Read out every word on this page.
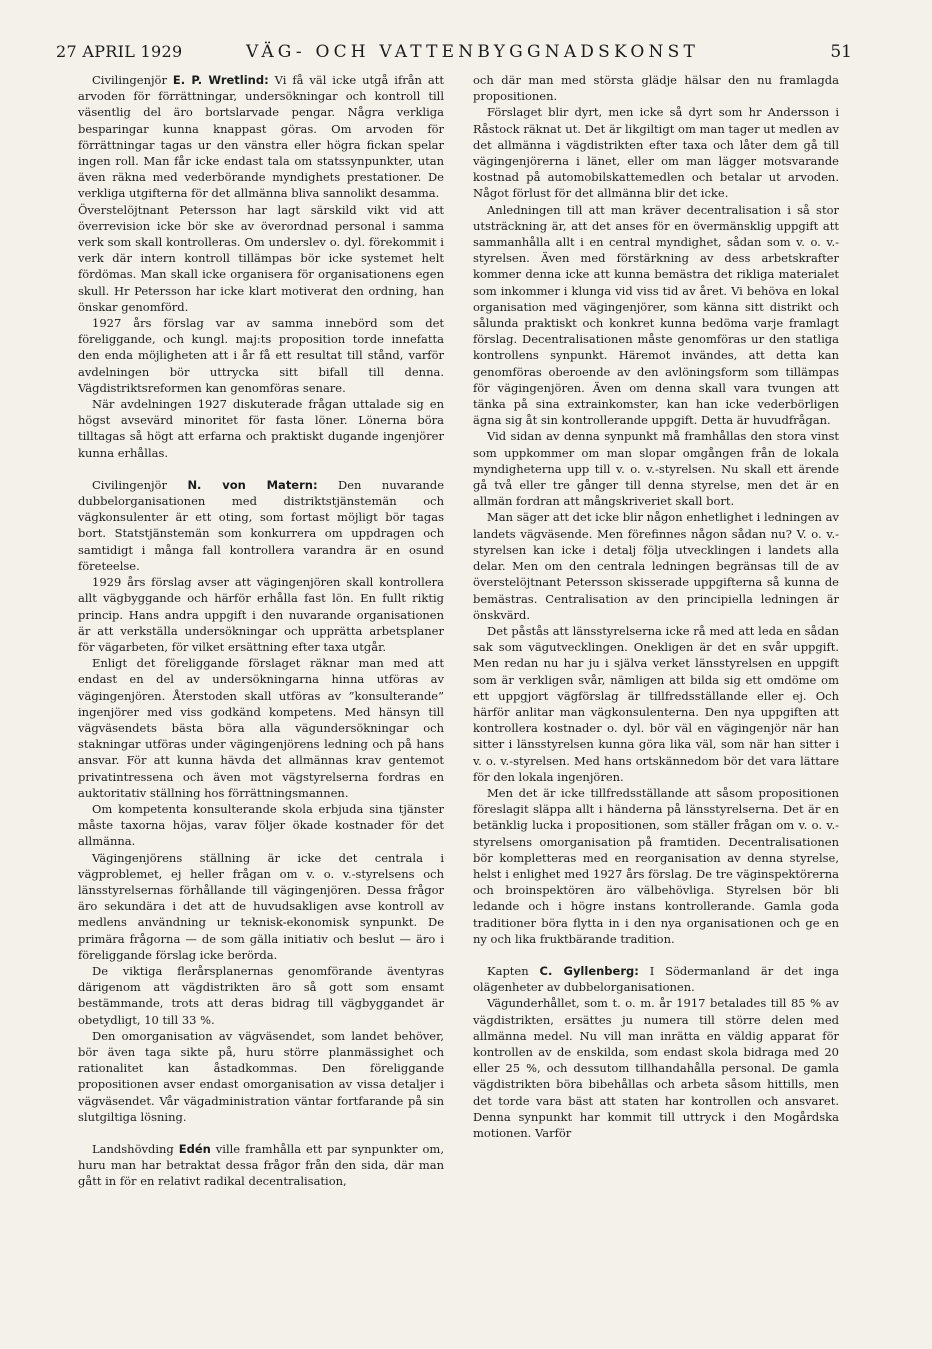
27 APRIL 1929	VÄG- OCH VATTENBYGGNADSKONST	51

Civilingenjör E. P. Wretlind: Vi få väl icke utgå ifrån att arvoden för förrättningar, undersökningar och kontroll till väsentlig del äro bortslarvade pengar. Några verkliga besparingar kunna knappast göras. Om arvoden för förrättningar tagas ur den vänstra eller högra fickan spelar ingen roll. Man får icke endast tala om statssynpunkter, utan även räkna med vederbörande myndighets prestationer. De verkliga utgifterna för det allmänna bliva sannolikt desamma.

Överstelöjtnant Petersson har lagt särskild vikt vid att överrevision icke bör ske av överordnad personal i samma verk som skall kontrolleras. Om underslev o. dyl. förekommit i verk där intern kontroll tillämpas bör icke systemet helt fördömas. Man skall icke organisera för organisationens egen skull. Hr Petersson har icke klart motiverat den ordning, han önskar genomförd.

1927 års förslag var av samma innebörd som det föreliggande, och kungl. maj:ts proposition torde innefatta den enda möjligheten att i år få ett resultat till stånd, varför avdelningen bör uttrycka sitt bifall till denna. Vägdistriktsreformen kan genomföras senare.

När avdelningen 1927 diskuterade frågan uttalade sig en högst avsevärd minoritet för fasta löner. Lönerna böra tilltagas så högt att erfarna och praktiskt dugande ingenjörer kunna erhållas.

Civilingenjör N. von Matern: Den nuvarande dubbelorganisationen med distriktstjänstemän och vägkonsulenter är ett oting, som fortast möjligt bör tagas bort. Statstjänstemän som konkurrera om uppdragen och samtidigt i många fall kontrollera varandra är en osund företeelse.

1929 års förslag avser att vägingenjören skall kontrollera allt vägbyggande och härför erhålla fast lön. En fullt riktig princip. Hans andra uppgift i den nuvarande organisationen är att verkställa undersökningar och upprätta arbetsplaner för vägarbeten, för vilket ersättning efter taxa utgår.

Enligt det föreliggande förslaget räknar man med att endast en del av undersökningarna hinna utföras av vägingenjören. Återstoden skall utföras av ”konsulterande” ingenjörer med viss godkänd kompetens. Med hänsyn till vägväsendets bästa böra alla vägundersökningar och stakningar utföras under vägingenjörens ledning och på hans ansvar. För att kunna hävda det allmännas krav gentemot privatintressena och även mot vägstyrelserna fordras en auktoritativ ställning hos förrättningsmannen.

Om kompetenta konsulterande skola erbjuda sina tjänster måste taxorna höjas, varav följer ökade kostnader för det allmänna.

Vägingenjörens ställning är icke det centrala i vägproblemet, ej heller frågan om v. o. v.-styrelsens och länsstyrelsernas förhållande till vägingenjören. Dessa frågor äro sekundära i det att de huvudsakligen avse kontroll av medlens användning ur teknisk-ekonomisk synpunkt. De primära frågorna — de som gälla initiativ och beslut — äro i föreliggande förslag icke berörda.

De viktiga flerårsplanernas genomförande äventyras därigenom att vägdistrikten äro så gott som ensamt bestämmande, trots att deras bidrag till vägbyggandet är obetydligt, 10 till 33 %.

Den omorganisation av vägväsendet, som landet behöver, bör även taga sikte på, huru större planmässighet och rationalitet kan åstadkommas. Den föreliggande propositionen avser endast omorganisation av vissa detaljer i vägväsendet. Vår vägadministration väntar fortfarande på sin slutgiltiga lösning.

Landshövding Edén ville framhålla ett par synpunkter om, huru man har betraktat dessa frågor från den sida, där man gått in för en relativt radikal decentralisation,

och där man med största glädje hälsar den nu framlagda propositionen.

Förslaget blir dyrt, men icke så dyrt som hr Andersson i Råstock räknat ut. Det är likgiltigt om man tager ut medlen av det allmänna i vägdistrikten efter taxa och låter dem gå till vägingenjörerna i länet, eller om man lägger motsvarande kostnad på automobilskattemedlen och betalar ut arvoden. Något förlust för det allmänna blir det icke.

Anledningen till att man kräver decentralisation i så stor utsträckning är, att det anses för en övermänsklig uppgift att sammanhålla allt i en central myndighet, sådan som v. o. v.-styrelsen. Även med förstärkning av dess arbetskrafter kommer denna icke att kunna bemästra det rikliga materialet som inkommer i klunga vid viss tid av året. Vi behöva en lokal organisation med vägingenjörer, som känna sitt distrikt och sålunda praktiskt och konkret kunna bedöma varje framlagt förslag. Decentralisationen måste genomföras ur den statliga kontrollens synpunkt. Häremot invändes, att detta kan genomföras oberoende av den avlöningsform som tillämpas för vägingenjören. Även om denna skall vara tvungen att tänka på sina extrainkomster, kan han icke vederbörligen ägna sig åt sin kontrollerande uppgift. Detta är huvudfrågan.

Vid sidan av denna synpunkt må framhållas den stora vinst som uppkommer om man slopar omgången från de lokala myndigheterna upp till v. o. v.-styrelsen. Nu skall ett ärende gå två eller tre gånger till denna styrelse, men det är en allmän fordran att mångskriveriet skall bort.

Man säger att det icke blir någon enhetlighet i ledningen av landets vägväsende. Men förefinnes någon sådan nu? V. o. v.-styrelsen kan icke i detalj följa utvecklingen i landets alla delar. Men om den centrala ledningen begränsas till de av överstelöjtnant Petersson skisserade uppgifterna så kunna de bemästras. Centralisation av den principiella ledningen är önskvärd.

Det påstås att länsstyrelserna icke rå med att leda en sådan sak som vägutvecklingen. Onekligen är det en svår uppgift. Men redan nu har ju i själva verket länsstyrelsen en uppgift som är verkligen svår, nämligen att bilda sig ett omdöme om ett uppgjort vägförslag är tillfredsställande eller ej. Och härför anlitar man vägkonsulenterna. Den nya uppgiften att kontrollera kostnader o. dyl. bör väl en vägingenjör när han sitter i länsstyrelsen kunna göra lika väl, som när han sitter i v. o. v.-styrelsen. Med hans ortskännedom bör det vara lättare för den lokala ingenjören.

Men det är icke tillfredsställande att såsom propositionen föreslagit släppa allt i händerna på länsstyrelserna. Det är en betänklig lucka i propositionen, som ställer frågan om v. o. v.-styrelsens omorganisation på framtiden. Decentralisationen bör kompletteras med en reorganisation av denna styrelse, helst i enlighet med 1927 års förslag. De tre väginspektörerna och broinspektören äro välbehövliga. Styrelsen bör bli ledande och i högre instans kontrollerande. Gamla goda traditioner böra flytta in i den nya organisationen och ge en ny och lika fruktbärande tradition.

Kapten C. Gyllenberg: I Södermanland är det inga olägenheter av dubbelorganisationen.

Vägunderhållet, som t. o. m. år 1917 betalades till 85 % av vägdistrikten, ersättes ju numera till större delen med allmänna medel. Nu vill man inrätta en väldig apparat för kontrollen av de enskilda, som endast skola bidraga med 20 eller 25 %, och dessutom tillhandahålla personal. De gamla vägdistrikten böra bibehållas och arbeta såsom hittills, men det torde vara bäst att staten har kontrollen och ansvaret. Denna synpunkt har kommit till uttryck i den Mogårdska motionen. Varför
